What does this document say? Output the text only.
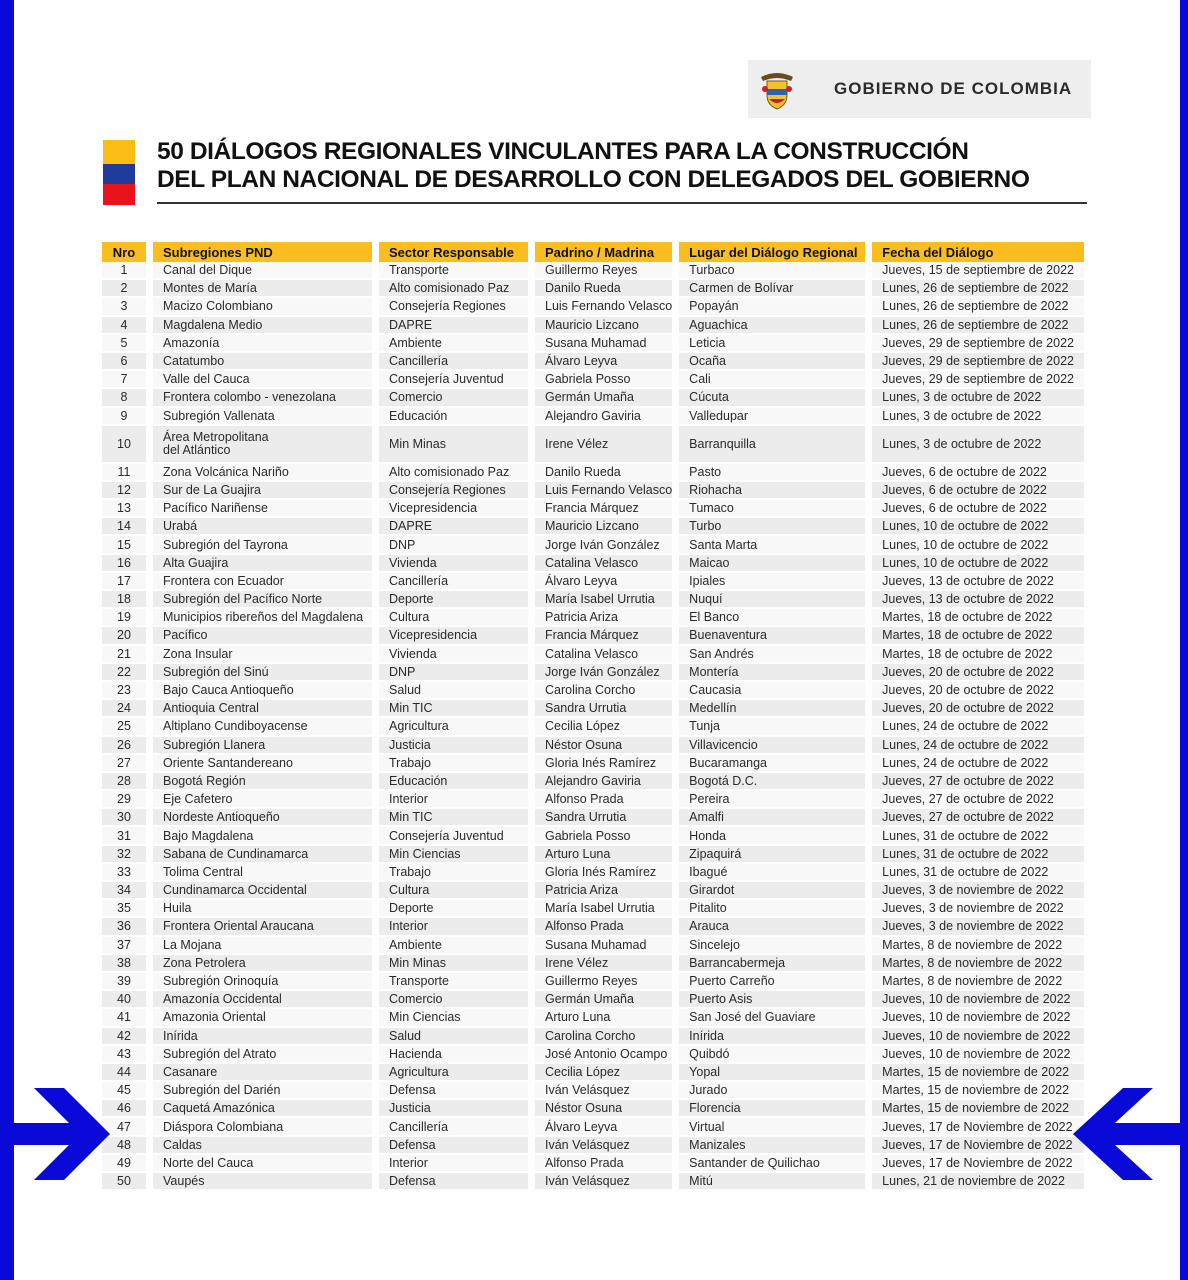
GOBIERNO DE COLOMBIA
50 DIÁLOGOS REGIONALES VINCULANTES PARA LA CONSTRUCCIÓN
DEL PLAN NACIONAL DE DESARROLLO CON DELEGADOS DEL GOBIERNO
Nro	Subregiones PND	Sector Responsable	Padrino / Madrina	Lugar del Diálogo Regional	Fecha del Diálogo
1	Canal del Dique	Transporte	Guillermo Reyes	Turbaco	Jueves, 15 de septiembre de 2022
2	Montes de María	Alto comisionado Paz	Danilo Rueda	Carmen de Bolívar	Lunes, 26 de septiembre de 2022
3	Macizo Colombiano	Consejería Regiones	Luis Fernando Velasco	Popayán	Lunes, 26 de septiembre de 2022
4	Magdalena Medio	DAPRE	Mauricio Lizcano	Aguachica	Lunes, 26 de septiembre de 2022
5	Amazonía	Ambiente	Susana Muhamad	Leticia	Jueves, 29 de septiembre de 2022
6	Catatumbo	Cancillería	Álvaro Leyva	Ocaña	Jueves, 29 de septiembre de 2022
7	Valle del Cauca	Consejería Juventud	Gabriela Posso	Cali	Jueves, 29 de septiembre de 2022
8	Frontera colombo - venezolana	Comercio	Germán Umaña	Cúcuta	Lunes, 3 de octubre de 2022
9	Subregión Vallenata	Educación	Alejandro Gaviria	Valledupar	Lunes, 3 de octubre de 2022
10	Área Metropolitana
del Atlántico	Min Minas	Irene Vélez	Barranquilla	Lunes, 3 de octubre de 2022
11	Zona Volcánica Nariño	Alto comisionado Paz	Danilo Rueda	Pasto	Jueves, 6 de octubre de 2022
12	Sur de La Guajira	Consejería Regiones	Luis Fernando Velasco	Riohacha	Jueves, 6 de octubre de 2022
13	Pacífico Nariñense	Vicepresidencia	Francia Márquez	Tumaco	Jueves, 6 de octubre de 2022
14	Urabá	DAPRE	Mauricio Lizcano	Turbo	Lunes, 10 de octubre de 2022
15	Subregión del Tayrona	DNP	Jorge Iván González	Santa Marta	Lunes, 10 de octubre de 2022
16	Alta Guajira	Vivienda	Catalina Velasco	Maicao	Lunes, 10 de octubre de 2022
17	Frontera con Ecuador	Cancillería	Álvaro Leyva	Ipiales	Jueves, 13 de octubre de 2022
18	Subregión del Pacífico Norte	Deporte	María Isabel Urrutia	Nuquí	Jueves, 13 de octubre de 2022
19	Municipios ribereños del Magdalena	Cultura	Patricia Ariza	El Banco	Martes, 18 de octubre de 2022
20	Pacífico	Vicepresidencia	Francia Márquez	Buenaventura	Martes, 18 de octubre de 2022
21	Zona Insular	Vivienda	Catalina Velasco	San Andrés	Martes, 18 de octubre de 2022
22	Subregión del Sinú	DNP	Jorge Iván González	Montería	Jueves, 20 de octubre de 2022
23	Bajo Cauca Antioqueño	Salud	Carolina Corcho	Caucasia	Jueves, 20 de octubre de 2022
24	Antioquia Central	Min TIC	Sandra Urrutia	Medellín	Jueves, 20 de octubre de 2022
25	Altiplano Cundiboyacense	Agricultura	Cecilia López	Tunja	Lunes, 24 de octubre de 2022
26	Subregión Llanera	Justicia	Néstor Osuna	Villavicencio	Lunes, 24 de octubre de 2022
27	Oriente Santandereano	Trabajo	Gloria Inés Ramírez	Bucaramanga	Lunes, 24 de octubre de 2022
28	Bogotá Región	Educación	Alejandro Gaviria	Bogotá D.C.	Jueves, 27 de octubre de 2022
29	Eje Cafetero	Interior	Alfonso Prada	Pereira	Jueves, 27 de octubre de 2022
30	Nordeste Antioqueño	Min TIC	Sandra Urrutia	Amalfi	Jueves, 27 de octubre de 2022
31	Bajo Magdalena	Consejería Juventud	Gabriela Posso	Honda	Lunes, 31 de octubre de 2022
32	Sabana de Cundinamarca	Min Ciencias	Arturo Luna	Zipaquirá	Lunes, 31 de octubre de 2022
33	Tolima Central	Trabajo	Gloria Inés Ramírez	Ibagué	Lunes, 31 de octubre de 2022
34	Cundinamarca Occidental	Cultura	Patricia Ariza	Girardot	Jueves, 3 de noviembre de 2022
35	Huila	Deporte	María Isabel Urrutia	Pitalito	Jueves, 3 de noviembre de 2022
36	Frontera Oriental Araucana	Interior	Alfonso Prada	Arauca	Jueves, 3 de noviembre de 2022
37	La Mojana	Ambiente	Susana Muhamad	Sincelejo	Martes, 8 de noviembre de 2022
38	Zona Petrolera	Min Minas	Irene Vélez	Barrancabermeja	Martes, 8 de noviembre de 2022
39	Subregión Orinoquía	Transporte	Guillermo Reyes	Puerto Carreño	Martes, 8 de noviembre de 2022
40	Amazonía Occidental	Comercio	Germán Umaña	Puerto Asis	Jueves, 10 de noviembre de 2022
41	Amazonia Oriental	Min Ciencias	Arturo Luna	San José del Guaviare	Jueves, 10 de noviembre de 2022
42	Inírida	Salud	Carolina Corcho	Inírida	Jueves, 10 de noviembre de 2022
43	Subregión del Atrato	Hacienda	José Antonio Ocampo	Quibdó	Jueves, 10 de noviembre de 2022
44	Casanare	Agricultura	Cecilia López	Yopal	Martes, 15 de noviembre de 2022
45	Subregión del Darién	Defensa	Iván Velásquez	Jurado	Martes, 15 de noviembre de 2022
46	Caquetá Amazónica	Justicia	Néstor Osuna	Florencia	Martes, 15 de noviembre de 2022
47	Diáspora Colombiana	Cancillería	Álvaro Leyva	Virtual	Jueves, 17 de Noviembre de 2022
48	Caldas	Defensa	Iván Velásquez	Manizales	Jueves, 17 de Noviembre de 2022
49	Norte del Cauca	Interior	Alfonso Prada	Santander de Quilichao	Jueves, 17 de Noviembre de 2022
50	Vaupés	Defensa	Iván Velásquez	Mitú	Lunes, 21 de noviembre de 2022
